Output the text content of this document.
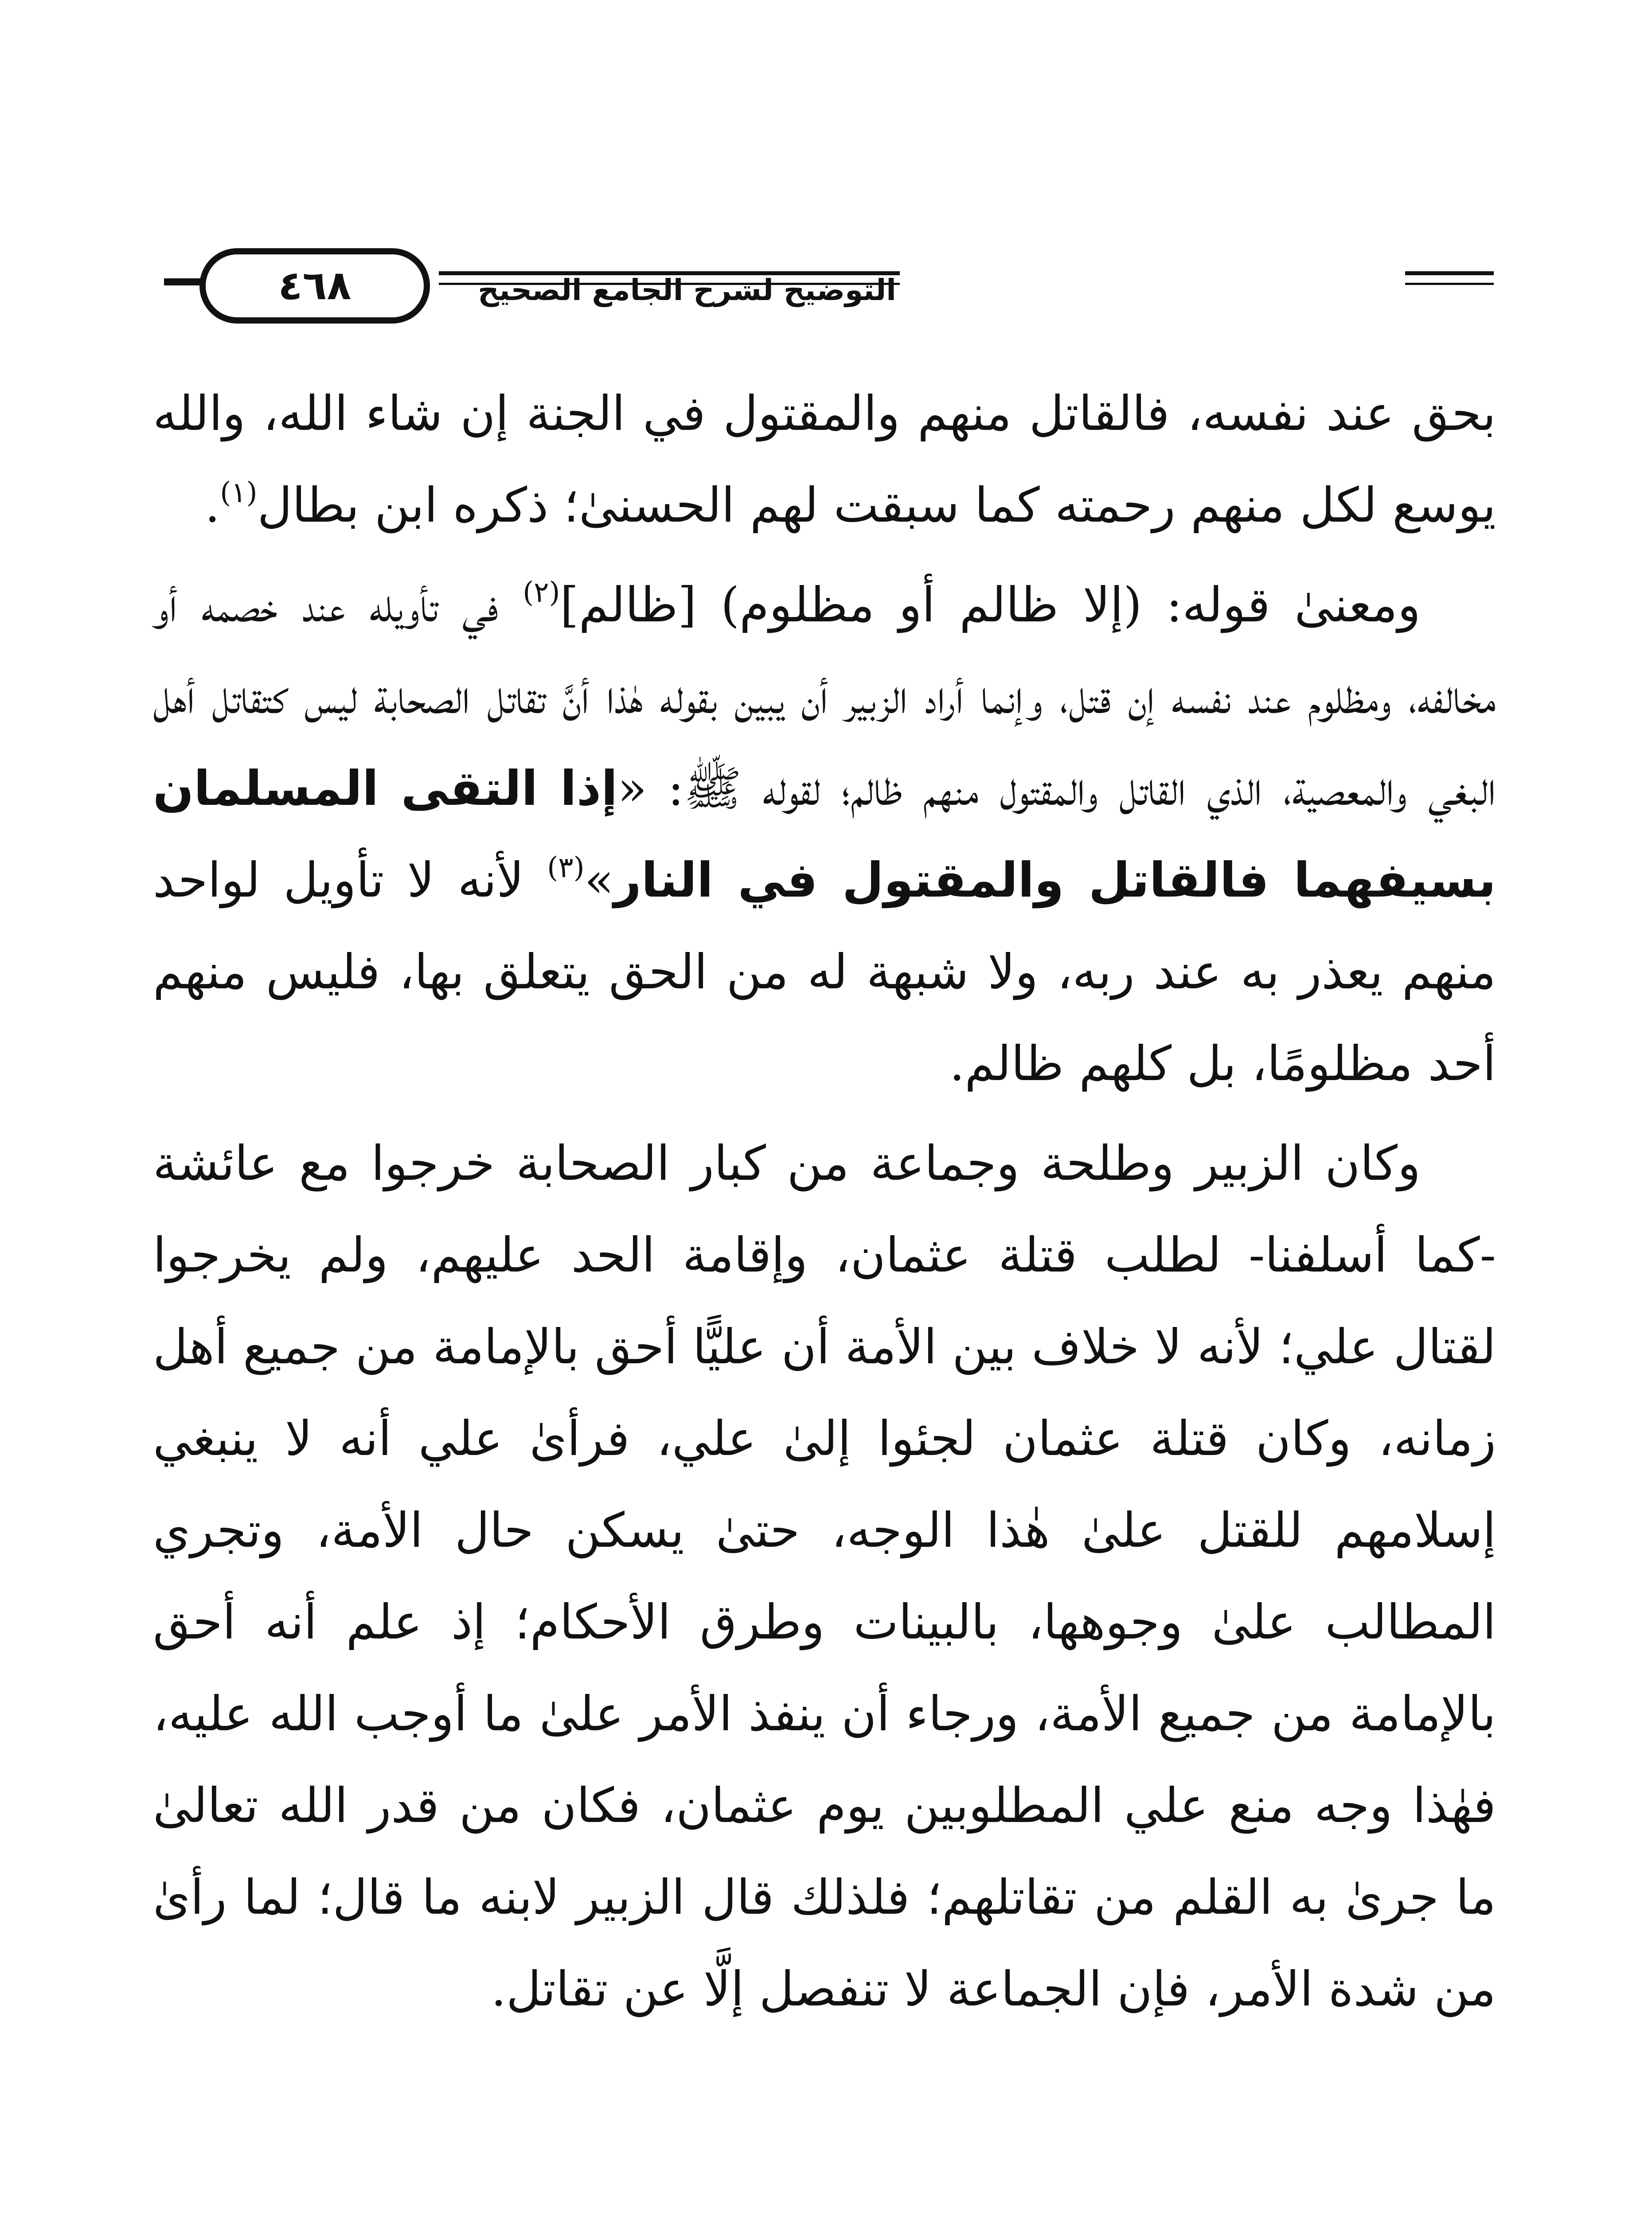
التوضيح لشرح الجامع الصحيح
٤٦٨

بحق عند نفسه، فالقاتل منهم والمقتول في الجنة إن شاء الله، والله يوسع لكل منهم رحمته كما سبقت لهم الحسنىٰ؛ ذكره ابن بطال$^{(١)}$.

ومعنىٰ قوله: (إلا ظالم أو مظلوم) [ظالم]$^{(٢)}$ في تأويله عند خصمه أو مخالفه، ومظلوم عند نفسه إن قتل، وإنما أراد الزبير أن يبين بقوله هٰذا أنَّ تقاتل الصحابة ليس كتقاتل أهل البغي والمعصية، الذي القاتل والمقتول منهم ظالم؛ لقوله ﷺ: «إذا التقى المسلمان بسيفهما فالقاتل والمقتول في النار»$^{(٣)}$ لأنه لا تأويل لواحد منهم يعذر به عند ربه، ولا شبهة له من الحق يتعلق بها، فليس منهم أحد مظلومًا، بل كلهم ظالم.

وكان الزبير وطلحة وجماعة من كبار الصحابة خرجوا مع عائشة -كما أسلفنا- لطلب قتلة عثمان، وإقامة الحد عليهم، ولم يخرجوا لقتال علي؛ لأنه لا خلاف بين الأمة أن عليًّا أحق بالإمامة من جميع أهل زمانه، وكان قتلة عثمان لجئوا إلىٰ علي، فرأىٰ علي أنه لا ينبغي إسلامهم للقتل علىٰ هٰذا الوجه، حتىٰ يسكن حال الأمة، وتجري المطالب علىٰ وجوهها، بالبينات وطرق الأحكام؛ إذ علم أنه أحق بالإمامة من جميع الأمة، ورجاء أن ينفذ الأمر علىٰ ما أوجب الله عليه، فهٰذا وجه منع علي المطلوبين يوم عثمان، فكان من قدر الله تعالىٰ ما جرىٰ به القلم من تقاتلهم؛ فلذلك قال الزبير لابنه ما قال؛ لما رأىٰ من شدة الأمر، فإن الجماعة لا تنفصل إلَّا عن تقاتل.
